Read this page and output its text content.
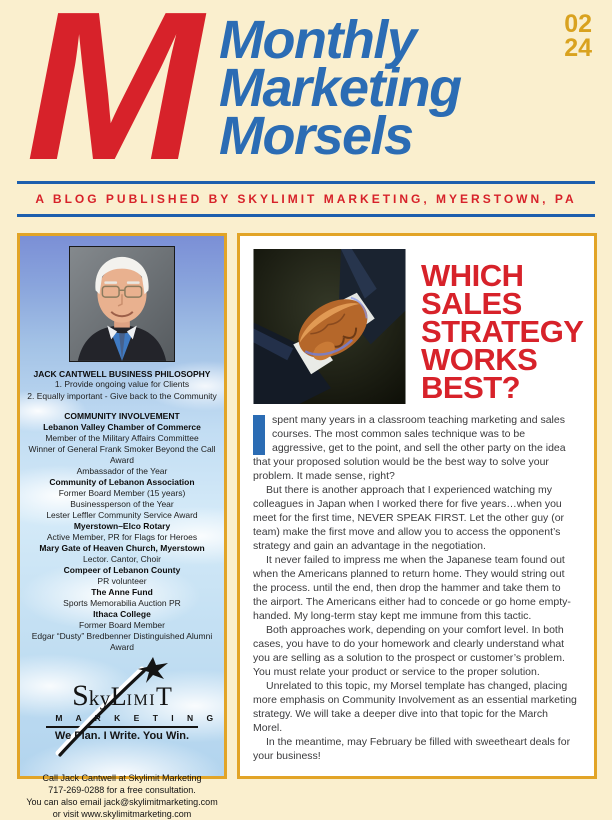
M Monthly
Marketing
Morsels
02
24
A BLOG PUBLISHED BY SKYLIMIT MARKETING, MYERSTOWN, PA
JACK CANTWELL BUSINESS PHILOSOPHY
1. Provide ongoing value for Clients
2. Equally important - Give back to the Community
COMMUNITY INVOLVEMENT
Lebanon Valley Chamber of Commerce
Member of the Military Affairs Committee
Winner of General Frank Smoker Beyond the Call Award
Ambassador of the Year
Community of Lebanon Association
Former Board Member (15 years)
Businessperson of the Year
Lester Leffler Community Service Award
Myerstown–Elco Rotary
Active Member, PR for Flags for Heroes
Mary Gate of Heaven Church, Myerstown
Lector. Cantor, Choir
Compeer of Lebanon County
PR volunteer
The Anne Fund
Sports Memorabilia Auction PR
Ithaca College
Former Board Member
Edgar “Dusty” Bredbenner Distinguished Alumni Award
SkyLIMIT
M A R K E T I N G
We Plan. I Write. You Win.
Call Jack Cantwell at Skylimit Marketing
717-269-0288 for a free consultation.
You can also email jack@skylimitmarketing.com
or visit www.skylimitmarketing.com
WHICH
SALES
STRATEGY
WORKS
BEST?

spent many years in a classroom teaching marketing and sales courses. The most common sales technique was to be aggressive, get to the point, and sell the other party on the idea that your proposed solution would be the best way to solve your problem. It made sense, right?

But there is another approach that I experienced watching my colleagues in Japan when I worked there for five years…when you meet for the first time, NEVER SPEAK FIRST. Let the other guy (or team) make the first move and allow you to access the opponent’s strategy and gain an advantage in the negotiation.

It never failed to impress me when the Japanese team found out when the Americans planned to return home. They would string out the process. until the end, then drop the hammer and take them to the airport. The Americans either had to concede or go home empty-handed. My long-term stay kept me immune from this tactic.

Both approaches work, depending on your comfort level. In both cases, you have to do your homework and clearly understand what you are selling as a solution to the prospect or customer’s problem. You must relate your product or service to the proper solution.

Unrelated to this topic, my Morsel template has changed, placing more emphasis on Community Involvement as an essential marketing strategy. We will take a deeper dive into that topic for the March Morel.

In the meantime, may February be filled with sweetheart deals for your business!
